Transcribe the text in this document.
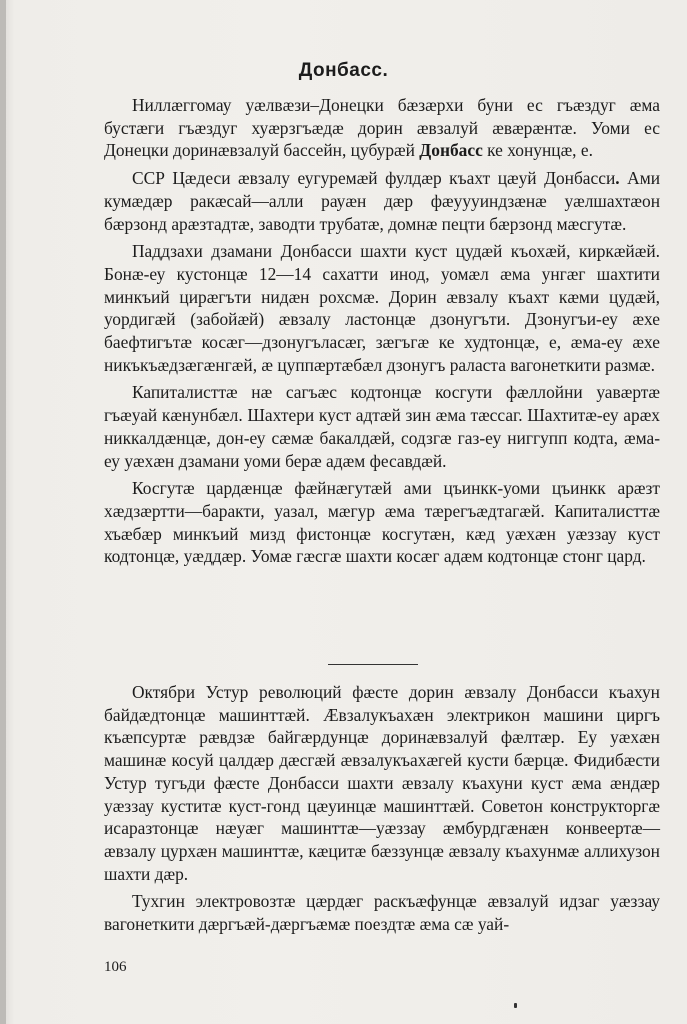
Донбасс.

Ниллæггомау уæлвæзи–Донецки бæзæрхи буни ес гъæздуг æма бустæги гъæздуг хуæрзгъæдæ дорин æвзалуй æвæрæнтæ. Уоми ес Донецки доринæвзалуй бассейн, цубурæй Донбасс ке хонунцæ, е.

ССР Цæдеси æвзалу еугуремæй фулдæр къахт цæуй Донбасси. Ами кумæдæр ракæсай—алли рауæн дæр фæуууиндзæнæ уæлшахтæон бæрзонд арæзтадтæ, заводти трубатæ, домнæ пецти бæрзонд мæсгутæ.

Паддзахи дзамани Донбасси шахти куст цудæй къохæй, киркæйæй. Бонæ-еу кустонцæ 12—14 сахатти инод, уомæл æма унгæг шахтити минкъий цирæгъти нидæн рохсмæ. Дорин æвзалу къахт кæми цудæй, уордигæй (забойæй) æвзалу ластонцæ дзонугъти. Дзонугъи-еу æхе баефтигътæ косæг—дзонугъласæг, зæгъгæ ке худтонцæ, е, æма-еу æхе никъкъæдзæгæнгæй, æ цуппæртæбæл дзонугъ раласта вагонеткити размæ.

Капиталисттæ нæ сагъæс кодтонцæ косгути фæллойни уавæртæ гъæуай кæнунбæл. Шахтери куст адтæй зин æма тæссаг. Шахтитæ-еу арæх никкалдæнцæ, дон-еу сæмæ бакалдæй, содзгæ газ-еу ниггупп кодта, æма-еу уæхæн дзамани уоми берæ адæм фесавдæй.

Косгутæ цардæнцæ фæйнæгутæй ами цъинкк-уоми цъинкк арæзт хæдзæртти—баракти, уазал, мæгур æма тæрегъæдтагæй. Капиталисттæ хъæбæр минкъий мизд фистонцæ косгутæн, кæд уæхæн уæззау куст кодтонцæ, уæддæр. Уомæ гæсгæ шахти косæг адæм кодтонцæ стонг цард.

Октябри Устур революций фæсте дорин æвзалу Донбасси къахун байдæдтонцæ машинттæй. Æвзалукъахæн электрикон машини циргъ къæпсуртæ рæвдзæ байгæрдунцæ доринæвзалуй фæлтæр. Еу уæхæн машинæ косуй цалдæр дæсгæй æвзалукъахæгей кусти бæрцæ. Фидибæсти Устур тугъди фæсте Донбасси шахти æвзалу къахуни куст æма æндæр уæззау куститæ куст-гонд цæуинцæ машинттæй. Советон конструкторгæ исаразтонцæ нæуæг машинттæ—уæззау æмбурдгæнæн конвеертæ—æвзалу цурхæн машинттæ, кæцитæ бæззунцæ æвзалу къахунмæ аллихузон шахти дæр.

Тухгин электровозтæ цæрдæг раскъæфунцæ æвзалуй идзаг уæззау вагонеткити дæргъæй-дæргъæмæ поездтæ æма сæ уай-

106
